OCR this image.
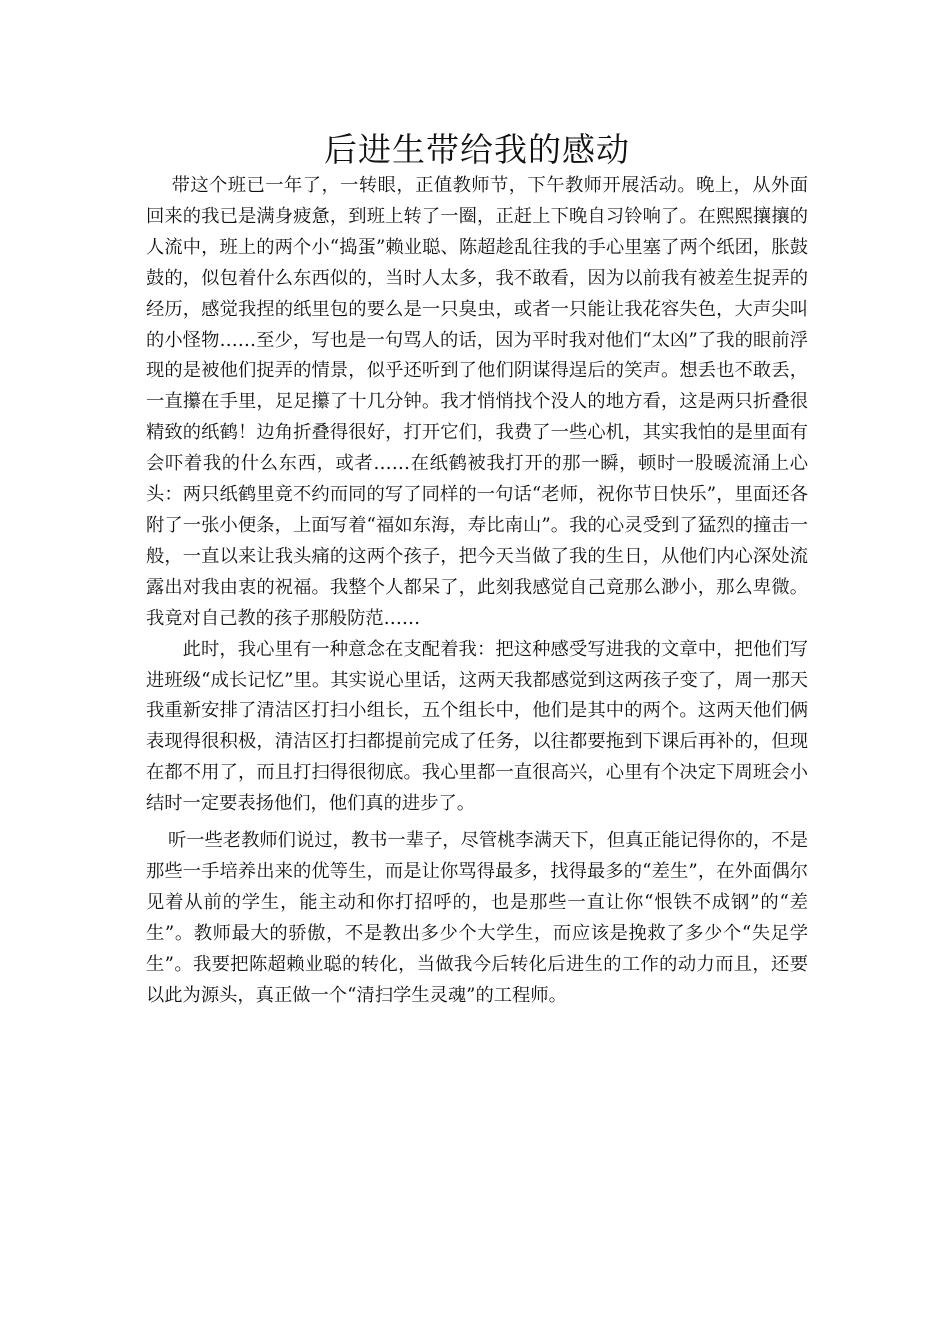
后进生带给我的感动

带这个班已一年了，一转眼，正值教师节，下午教师开展活动。晚上，从外面回来的我已是满身疲惫，到班上转了一圈，正赶上下晚自习铃响了。在熙熙攘攘的人流中，班上的两个小“捣蛋”赖业聪、陈超趁乱往我的手心里塞了两个纸团，胀鼓鼓的，似包着什么东西似的，当时人太多，我不敢看，因为以前我有被差生捉弄的经历，感觉我捏的纸里包的要么是一只臭虫，或者一只能让我花容失色，大声尖叫的小怪物……至少，写也是一句骂人的话，因为平时我对他们“太凶”了我的眼前浮现的是被他们捉弄的情景，似乎还听到了他们阴谋得逞后的笑声。想丢也不敢丢，一直攥在手里，足足攥了十几分钟。我才悄悄找个没人的地方看，这是两只折叠很精致的纸鹤！边角折叠得很好，打开它们，我费了一些心机，其实我怕的是里面有会吓着我的什么东西，或者……在纸鹤被我打开的那一瞬，顿时一股暖流涌上心头：两只纸鹤里竟不约而同的写了同样的一句话“老师，祝你节日快乐”，里面还各附了一张小便条，上面写着“福如东海，寿比南山”。我的心灵受到了猛烈的撞击一般，一直以来让我头痛的这两个孩子，把今天当做了我的生日，从他们内心深处流露出对我由衷的祝福。我整个人都呆了，此刻我感觉自己竟那么渺小，那么卑微。我竟对自己教的孩子那般防范……

此时，我心里有一种意念在支配着我：把这种感受写进我的文章中，把他们写进班级“成长记忆”里。其实说心里话，这两天我都感觉到这两孩子变了，周一那天我重新安排了清洁区打扫小组长，五个组长中，他们是其中的两个。这两天他们俩表现得很积极，清洁区打扫都提前完成了任务，以往都要拖到下课后再补的，但现在都不用了，而且打扫得很彻底。我心里都一直很高兴，心里有个决定下周班会小结时一定要表扬他们，他们真的进步了。

听一些老教师们说过，教书一辈子，尽管桃李满天下，但真正能记得你的，不是那些一手培养出来的优等生，而是让你骂得最多，找得最多的“差生”，在外面偶尔见着从前的学生，能主动和你打招呼的，也是那些一直让你“恨铁不成钢”的“差生”。教师最大的骄傲，不是教出多少个大学生，而应该是挽救了多少个“失足学生”。我要把陈超赖业聪的转化，当做我今后转化后进生的工作的动力而且，还要以此为源头，真正做一个“清扫学生灵魂”的工程师。
